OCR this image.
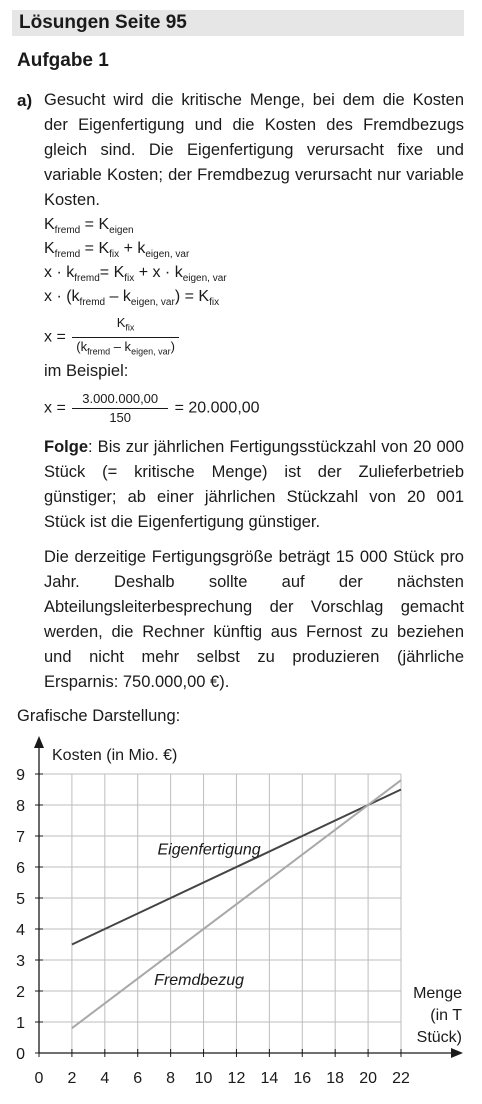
Lösungen Seite 95
Aufgabe 1
a) Gesucht wird die kritische Menge, bei dem die Kosten der Eigenfertigung und die Kosten des Fremdbezugs gleich sind. Die Eigenfertigung verursacht fixe und variable Kosten; der Fremdbezug verursacht nur variable Kosten.
$K_{fremd} = K_{eigen}$
$K_{fremd} = K_{fix} + k_{eigen, var}$
$x \cdot k_{fremd}= K_{fix} + x \cdot k_{eigen, var}$
$x \cdot (k_{fremd} - k_{eigen, var}) = K_{fix}$
$x = \frac{K_{fix}}{(k_{fremd} - k_{eigen, var})}$
im Beispiel:
$x = \frac{3.000.000,00}{150} = 20.000,00$
Folge: Bis zur jährlichen Fertigungsstückzahl von 20 000 Stück (= kritische Menge) ist der Zulieferbetrieb günstiger; ab einer jährlichen Stückzahl von 20 001 Stück ist die Eigenfertigung günstiger.
Die derzeitige Fertigungsgröße beträgt 15 000 Stück pro Jahr. Deshalb sollte auf der nächsten Abteilungsleiterbesprechung der Vorschlag gemacht werden, die Rechner künftig aus Fernost zu beziehen und nicht mehr selbst zu produzieren (jährliche Ersparnis: 750.000,00 €).
Grafische Darstellung:
0 2 4 6 8 10 12 14 16 18 20 22
0
1
2
3
4
5
6
7
8
9
Kosten (in Mio. €)
Menge
(in T
Stück)
Eigenfertigung
Fremdbezug
